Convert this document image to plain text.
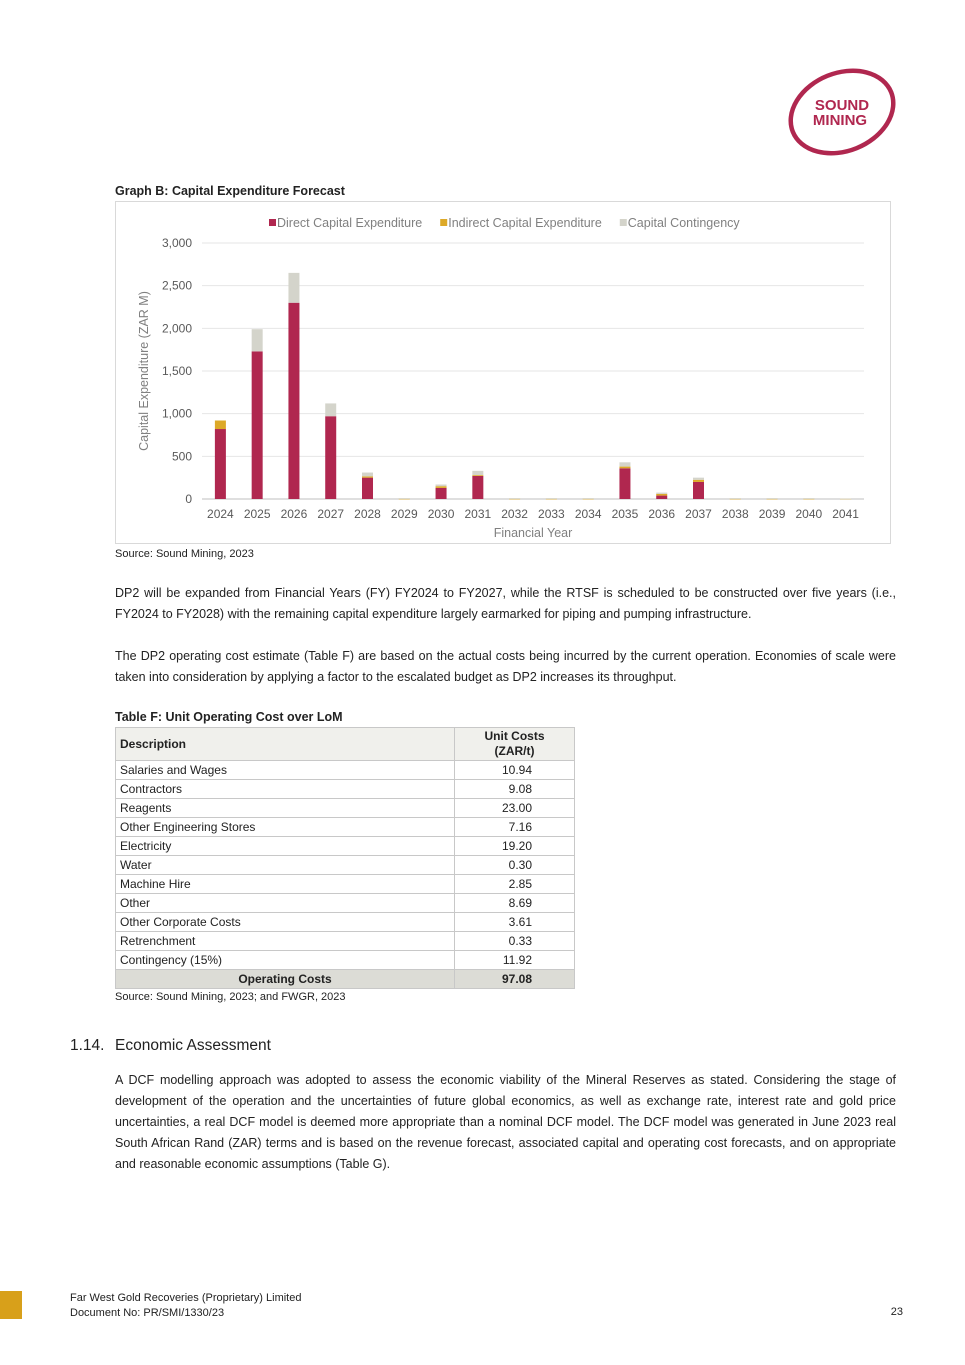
SOUND
MINING
Graph B: Capital Expenditure Forecast
0
500
1,000
1,500
2,000
2,500
3,000
2024 2025 2026 2027 2028 2029 2030 2031 2032 2033 2034 2035 2036 2037 2038 2039 2040 2041
Financial Year
Capital Expenditure (ZAR M)
Direct Capital Expenditure Indirect Capital Expenditure Capital Contingency
Source: Sound Mining, 2023

DP2 will be expanded from Financial Years (FY) FY2024 to FY2027, while the RTSF is scheduled to be constructed over five years (i.e., FY2024 to FY2028) with the remaining capital expenditure largely earmarked for piping and pumping infrastructure.

The DP2 operating cost estimate (Table F) are based on the actual costs being incurred by the current operation. Economies of scale were taken into consideration by applying a factor to the escalated budget as DP2 increases its throughput.

Table F: Unit Operating Cost over LoM
Description	Unit Costs
(ZAR/t)
Salaries and Wages	10.94
Contractors	9.08
Reagents	23.00
Other Engineering Stores	7.16
Electricity	19.20
Water	0.30
Machine Hire	2.85
Other	8.69
Other Corporate Costs	3.61
Retrenchment	0.33
Contingency (15%)	11.92
Operating Costs	97.08
Source: Sound Mining, 2023; and FWGR, 2023
1.14. Economic Assessment

A DCF modelling approach was adopted to assess the economic viability of the Mineral Reserves as stated. Considering the stage of development of the operation and the uncertainties of future global economics, as well as exchange rate, interest rate and gold price uncertainties, a real DCF model is deemed more appropriate than a nominal DCF model. The DCF model was generated in June 2023 real South African Rand (ZAR) terms and is based on the revenue forecast, associated capital and operating cost forecasts, and on appropriate and reasonable economic assumptions (Table G).

Far West Gold Recoveries (Proprietary) Limited
Document No: PR/SMI/1330/23	23
